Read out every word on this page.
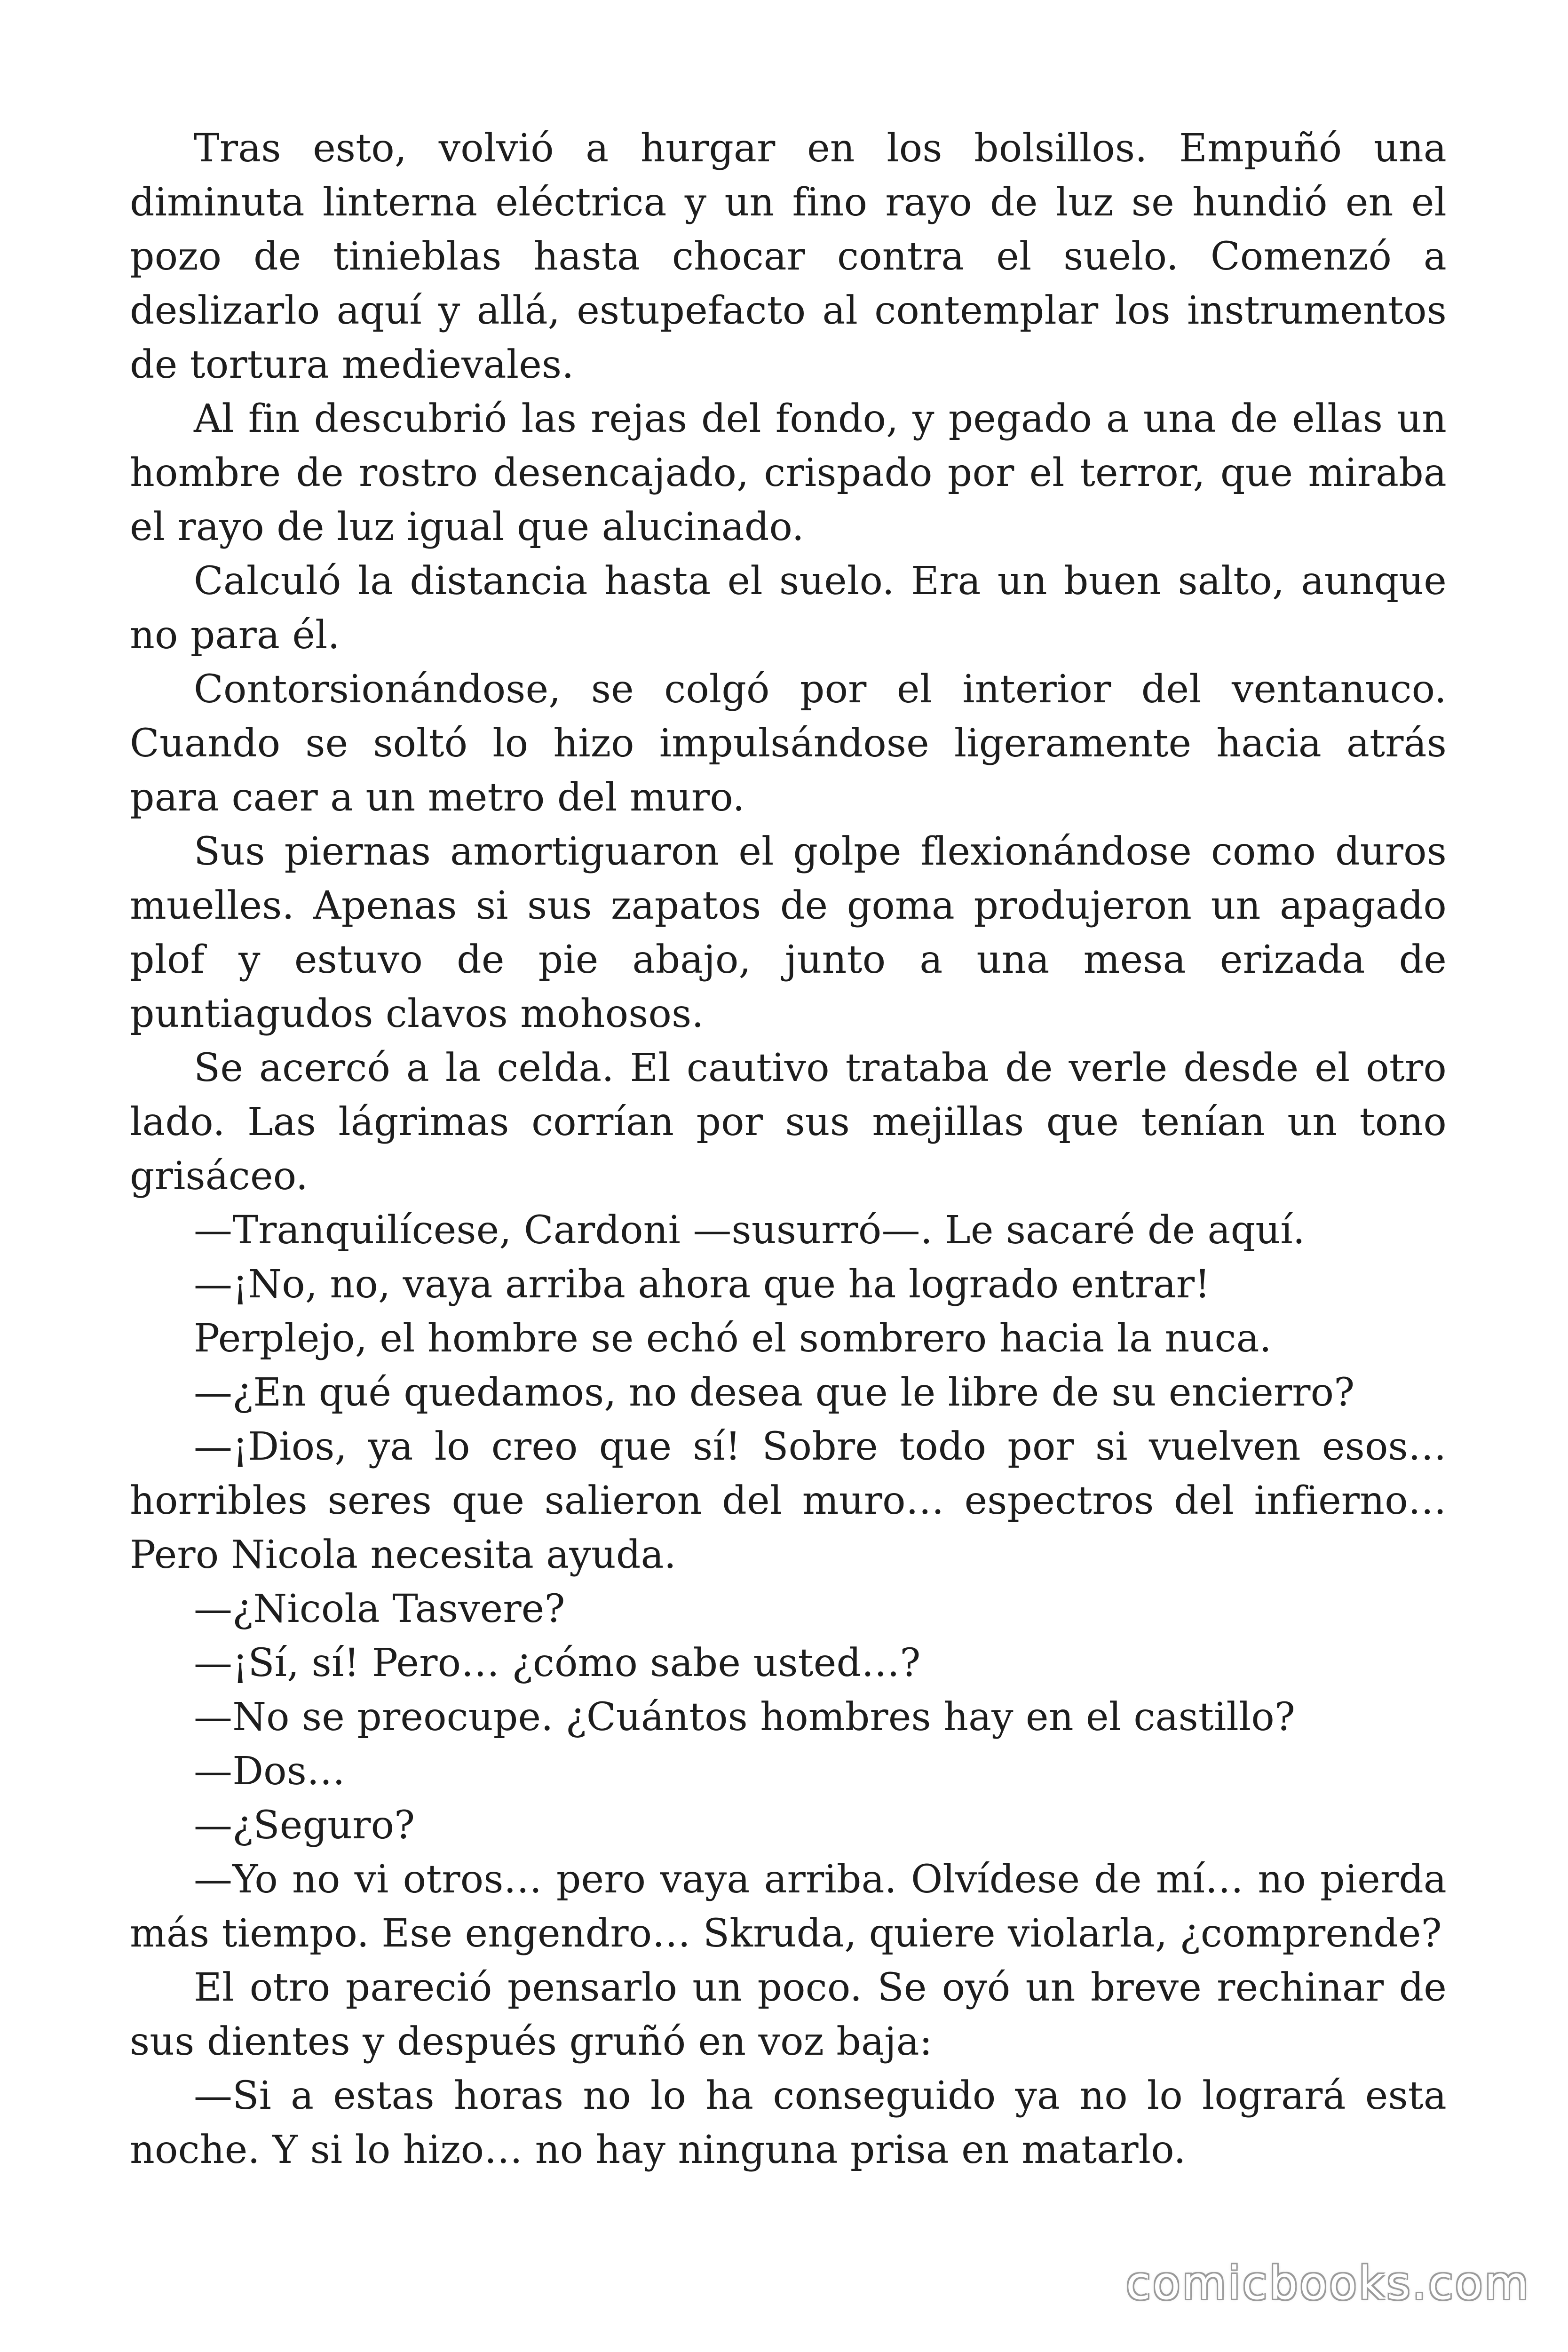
Tras esto, volvió a hurgar en los bolsillos. Empuñó una diminuta linterna eléctrica y un fino rayo de luz se hundió en el pozo de tinieblas hasta chocar contra el suelo. Comenzó a deslizarlo aquí y allá, estupefacto al contemplar los instrumentos de tortura medievales.

Al fin descubrió las rejas del fondo, y pegado a una de ellas un hombre de rostro desencajado, crispado por el terror, que miraba el rayo de luz igual que alucinado.

Calculó la distancia hasta el suelo. Era un buen salto, aunque no para él.

Contorsionándose, se colgó por el interior del ventanuco. Cuando se soltó lo hizo impulsándose ligeramente hacia atrás para caer a un metro del muro.

Sus piernas amortiguaron el golpe flexionándose como duros muelles. Apenas si sus zapatos de goma produjeron un apagado plof y estuvo de pie abajo, junto a una mesa erizada de puntiagudos clavos mohosos.

Se acercó a la celda. El cautivo trataba de verle desde el otro lado. Las lágrimas corrían por sus mejillas que tenían un tono grisáceo.

—Tranquilícese, Cardoni —susurró—. Le sacaré de aquí.

—¡No, no, vaya arriba ahora que ha logrado entrar!

Perplejo, el hombre se echó el sombrero hacia la nuca.

—¿En qué quedamos, no desea que le libre de su encierro?

—¡Dios, ya lo creo que sí! Sobre todo por si vuelven esos… horribles seres que salieron del muro… espectros del infierno… Pero Nicola necesita ayuda.

—¿Nicola Tasvere?

—¡Sí, sí! Pero… ¿cómo sabe usted…?

—No se preocupe. ¿Cuántos hombres hay en el castillo?

—Dos…

—¿Seguro?

—Yo no vi otros… pero vaya arriba. Olvídese de mí… no pierda más tiempo. Ese engendro… Skruda, quiere violarla, ¿comprende?

El otro pareció pensarlo un poco. Se oyó un breve rechinar de sus dientes y después gruñó en voz baja:

—Si a estas horas no lo ha conseguido ya no lo logrará esta noche. Y si lo hizo… no hay ninguna prisa en matarlo.

comicbooks.com
